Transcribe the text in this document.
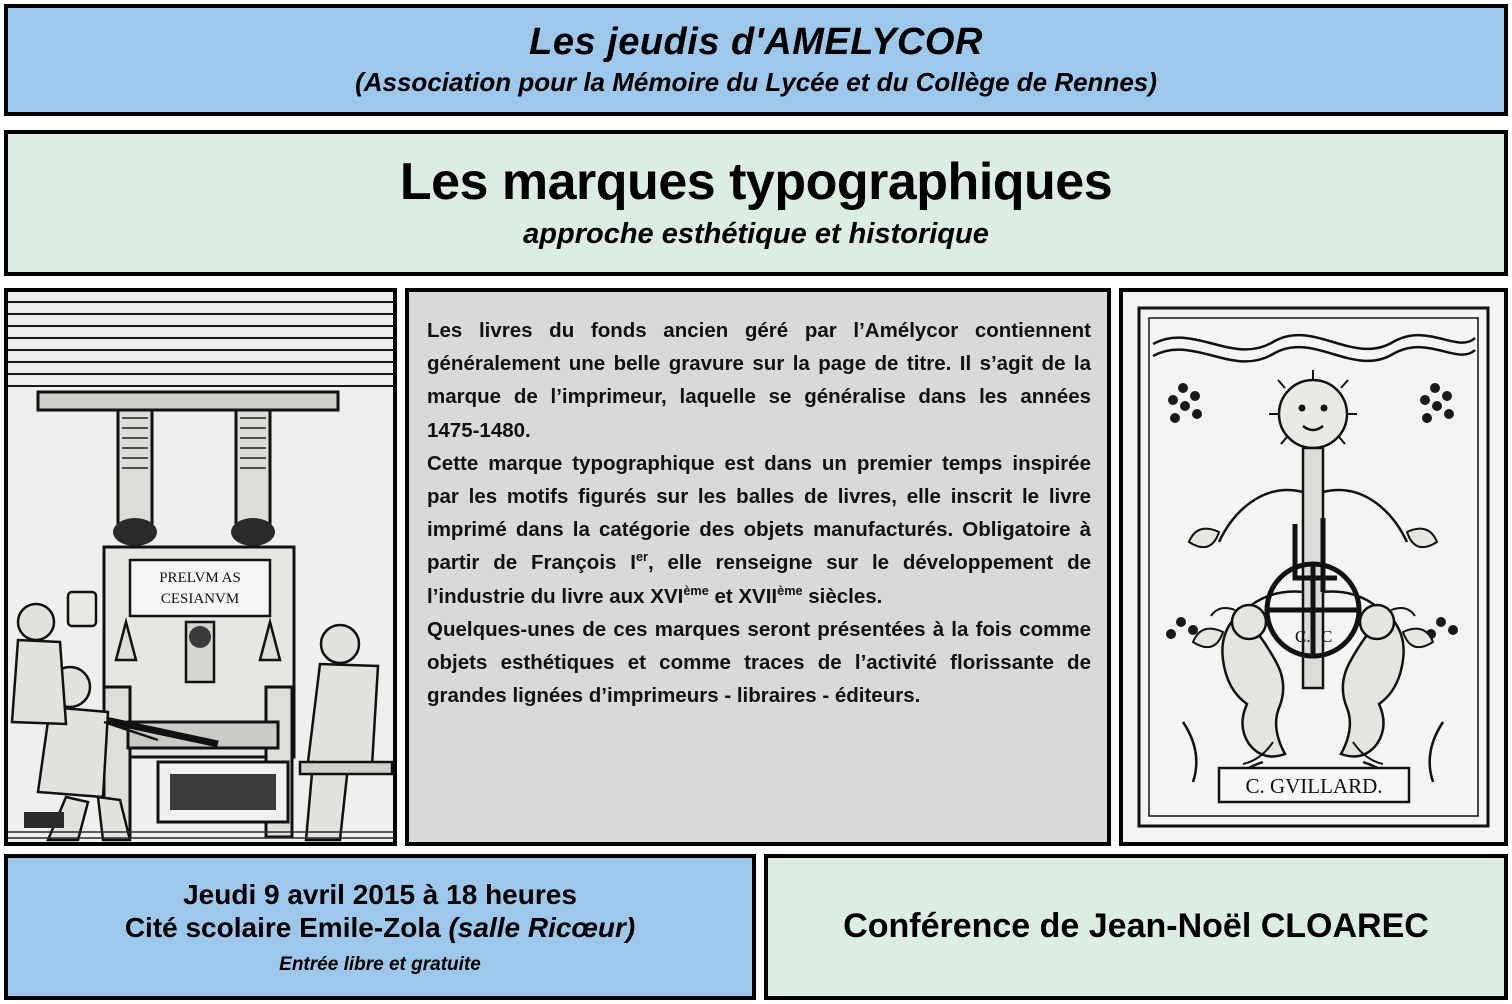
Les jeudis d'AMELYCOR
(Association pour la Mémoire du Lycée et du Collège de Rennes)
Les marques typographiques
approche esthétique et historique
PRELVM AS
CESIANVM

Les livres du fonds ancien géré par l’Amélycor contiennent généralement une belle gravure sur la page de titre. Il s’agit de la marque de l’imprimeur, laquelle se généralise dans les années 1475-1480.

Cette marque typographique est dans un premier temps inspirée par les motifs figurés sur les balles de livres, elle inscrit le livre imprimé dans la catégorie des objets manufacturés. Obligatoire à partir de François Ier, elle renseigne sur le développement de l’industrie du livre aux XVIème et XVIIème siècles.

Quelques-unes de ces marques seront présentées à la fois comme objets esthétiques et comme traces de l’activité florissante de grandes lignées d’imprimeurs - libraires - éditeurs.

C. C
C. GVILLARD.
Jeudi 9 avril 2015 à 18 heures
Cité scolaire Emile-Zola (salle Ricœur)
Entrée libre et gratuite
Conférence de Jean-Noël CLOAREC
